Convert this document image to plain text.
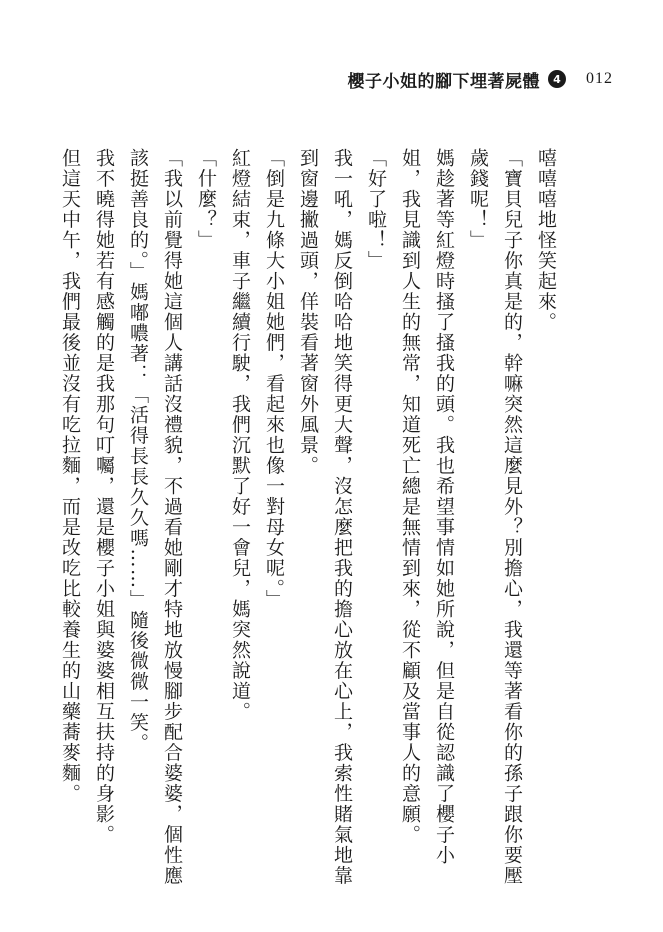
櫻子小姐的腳下埋著屍體	4	012

嘻嘻嘻地怪笑起來。

「寶貝兒子你真是的，幹嘛突然這麼見外？別擔心，我還等著看你的孫子跟你要壓歲錢呢！」

媽趁著等紅燈時搔了搔我的頭。我也希望事情如她所說，但是自從認識了櫻子小姐，我見識到人生的無常，知道死亡總是無情到來，從不顧及當事人的意願。

「好了啦！」

我一吼，媽反倒哈哈地笑得更大聲，沒怎麼把我的擔心放在心上，我索性賭氣地靠到窗邊撇過頭，佯裝看著窗外風景。

「倒是九條大小姐她們，看起來也像一對母女呢。」

紅燈結束，車子繼續行駛，我們沉默了好一會兒，媽突然說道。

「什麼？」

「我以前覺得她這個人講話沒禮貌，不過看她剛才特地放慢腳步配合婆婆，個性應該挺善良的。」媽嘟噥著：「活得長長久久嗎……」隨後微微一笑。

我不曉得她若有感觸的是我那句叮囑，還是櫻子小姐與婆婆相互扶持的身影。

但這天中午，我們最後並沒有吃拉麵，而是改吃比較養生的山藥蕎麥麵。
